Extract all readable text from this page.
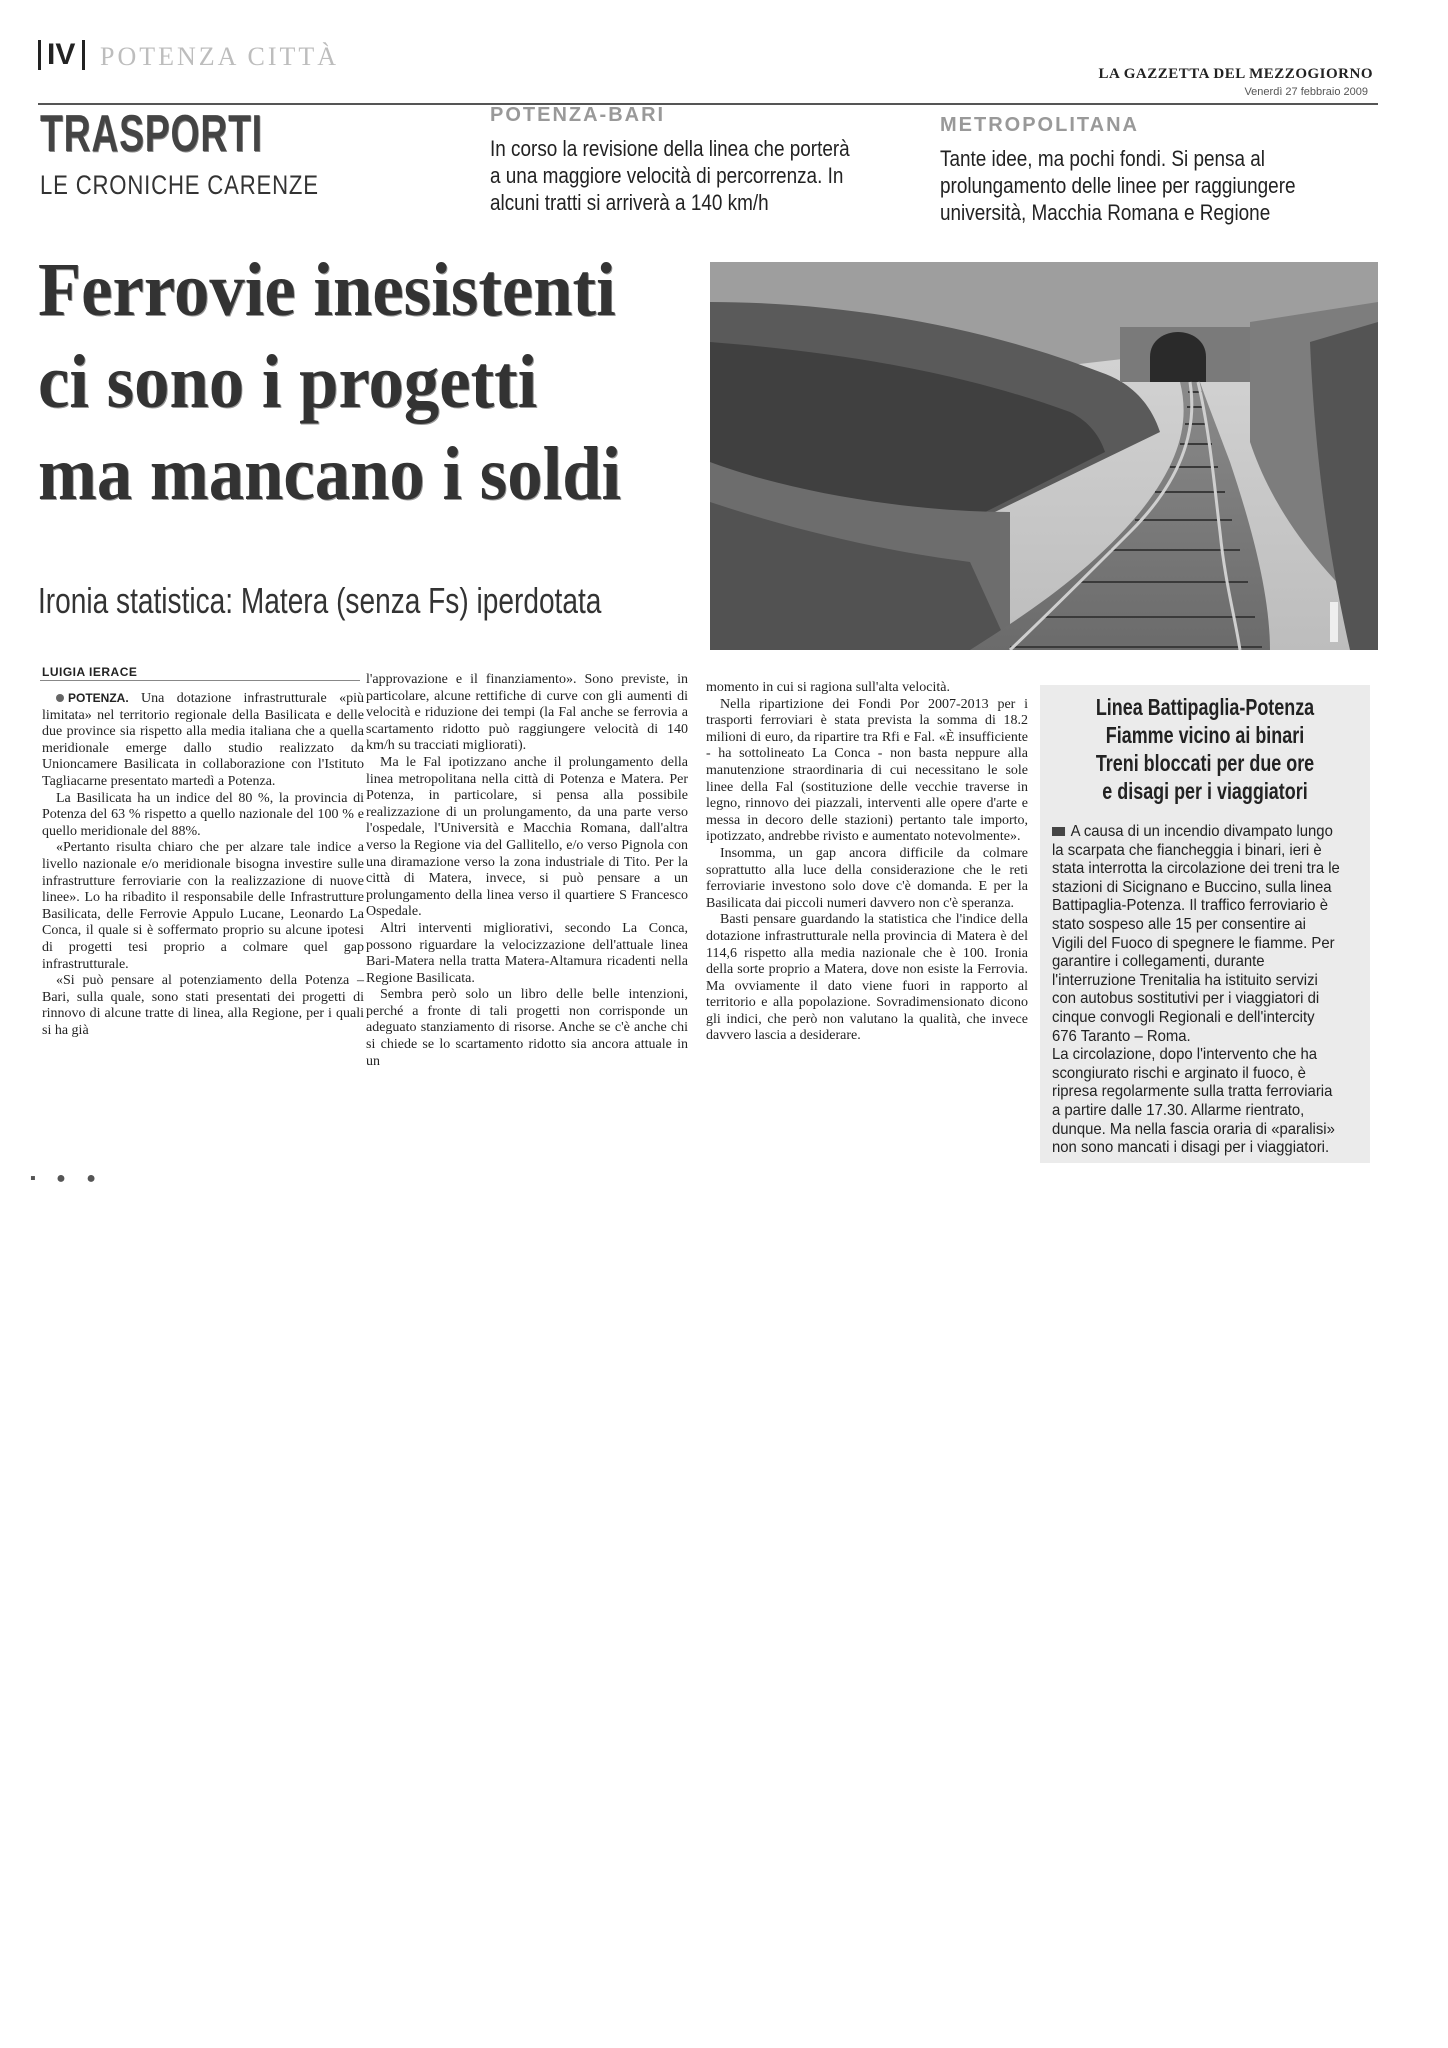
IV POTENZA CITTÀ
LA GAZZETTA DEL MEZZOGIORNO
Venerdì 27 febbraio 2009
TRASPORTI
LE CRONICHE CARENZE
POTENZA-BARI
In corso la revisione della linea che porterà
a una maggiore velocità di percorrenza. In
alcuni tratti si arriverà a 140 km/h
METROPOLITANA
Tante idee, ma pochi fondi. Si pensa al
prolungamento delle linee per raggiungere
università, Macchia Romana e Regione
Ferrovie inesistenti
ci sono i progetti
ma mancano i soldi
Ironia statistica: Matera (senza Fs) iperdotata
LUIGIA IERACE

POTENZA. Una dotazione infrastrutturale «più limitata» nel territorio regionale della Basilicata e delle due province sia rispetto alla media italiana che a quella meridionale emerge dallo studio realizzato da Unioncamere Basilicata in collaborazione con l'Istituto Tagliacarne presentato martedì a Potenza.

La Basilicata ha un indice del 80 %, la provincia di Potenza del 63 % rispetto a quello nazionale del 100 % e quello meridionale del 88%.

«Pertanto risulta chiaro che per alzare tale indice a livello nazionale e/o meridionale bisogna investire sulle infrastrutture ferroviarie con la realizzazione di nuove linee». Lo ha ribadito il responsabile delle Infrastrutture Basilicata, delle Ferrovie Appulo Lucane, Leonardo La Conca, il quale si è soffermato proprio su alcune ipotesi di progetti tesi proprio a colmare quel gap infrastrutturale.

«Si può pensare al potenziamento della Potenza – Bari, sulla quale, sono stati presentati dei progetti di rinnovo di alcune tratte di linea, alla Regione, per i quali si ha già

l'approvazione e il finanziamento». Sono previste, in particolare, alcune rettifiche di curve con gli aumenti di velocità e riduzione dei tempi (la Fal anche se ferrovia a scartamento ridotto può raggiungere velocità di 140 km/h su tracciati migliorati).

Ma le Fal ipotizzano anche il prolungamento della linea metropolitana nella città di Potenza e Matera. Per Potenza, in particolare, si pensa alla possibile realizzazione di un prolungamento, da una parte verso l'ospedale, l'Università e Macchia Romana, dall'altra verso la Regione via del Gallitello, e/o verso Pignola con una diramazione verso la zona industriale di Tito. Per la città di Matera, invece, si può pensare a un prolungamento della linea verso il quartiere S Francesco Ospedale.

Altri interventi migliorativi, secondo La Conca, possono riguardare la velocizzazione dell'attuale linea Bari-Matera nella tratta Matera-Altamura ricadenti nella Regione Basilicata.

Sembra però solo un libro delle belle intenzioni, perché a fronte di tali progetti non corrisponde un adeguato stanziamento di risorse. Anche se c'è anche chi si chiede se lo scartamento ridotto sia ancora attuale in un

momento in cui si ragiona sull'alta velocità.

Nella ripartizione dei Fondi Por 2007-2013 per i trasporti ferroviari è stata prevista la somma di 18.2 milioni di euro, da ripartire tra Rfi e Fal. «È insufficiente - ha sottolineato La Conca - non basta neppure alla manutenzione straordinaria di cui necessitano le sole linee della Fal (sostituzione delle vecchie traverse in legno, rinnovo dei piazzali, interventi alle opere d'arte e messa in decoro delle stazioni) pertanto tale importo, ipotizzato, andrebbe rivisto e aumentato notevolmente».

Insomma, un gap ancora difficile da colmare soprattutto alla luce della considerazione che le reti ferroviarie investono solo dove c'è domanda. E per la Basilicata dai piccoli numeri davvero non c'è speranza.

Basti pensare guardando la statistica che l'indice della dotazione infrastrutturale nella provincia di Matera è del 114,6 rispetto alla media nazionale che è 100. Ironia della sorte proprio a Matera, dove non esiste la Ferrovia. Ma ovviamente il dato viene fuori in rapporto al territorio e alla popolazione. Sovradimensionato dicono gli indici, che però non valutano la qualità, che invece davvero lascia a desiderare.

Linea Battipaglia-Potenza
Fiamme vicino ai binari
Treni bloccati per due ore
e disagi per i viaggiatori

A causa di un incendio divampato lungo la scarpata che fiancheggia i binari, ieri è stata interrotta la circolazione dei treni tra le stazioni di Sicignano e Buccino, sulla linea Battipaglia-Potenza. Il traffico ferroviario è stato sospeso alle 15 per consentire ai Vigili del Fuoco di spegnere le fiamme. Per garantire i collegamenti, durante l'interruzione Trenitalia ha istituito servizi con autobus sostitutivi per i viaggiatori di cinque convogli Regionali e dell'intercity 676 Taranto – Roma.

La circolazione, dopo l'intervento che ha scongiurato rischi e arginato il fuoco, è ripresa regolarmente sulla tratta ferroviaria a partire dalle 17.30. Allarme rientrato, dunque. Ma nella fascia oraria di «paralisi» non sono mancati i disagi per i viaggiatori.

▪ ● ●
